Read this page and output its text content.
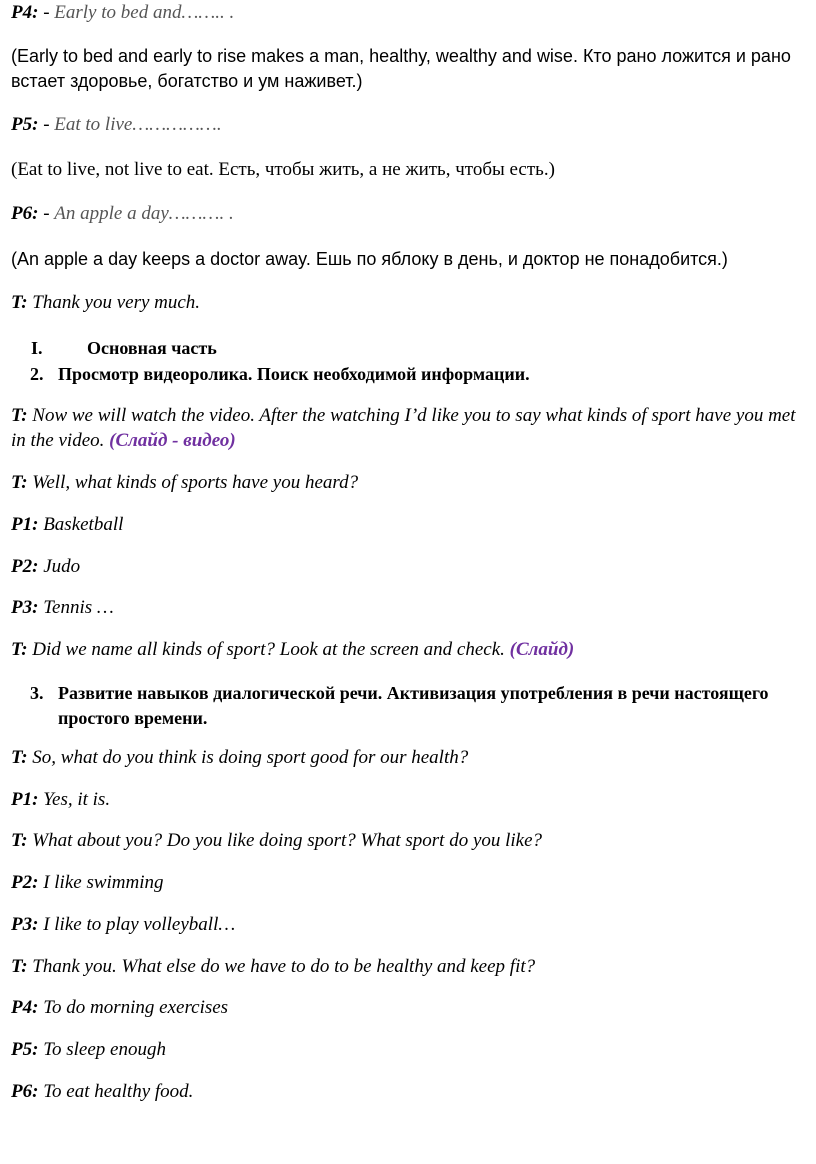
P4: - Early to bed and…….. .
(Early to bed and early to rise makes a man, healthy, wealthy and wise. Кто рано ложится и рано
встает здоровье, богатство и ум наживет.)
P5: - Eat to live…………….
(Eat to live, not live to eat. Есть, чтобы жить, а не жить, чтобы есть.)
P6: - An apple a day………. .
(An apple a day keeps a doctor away. Ешь по яблоку в день, и доктор не понадобится.)
T: Thank you very much.
I. Основная часть
2. Просмотр видеоролика. Поиск необходимой информации.
T: Now we will watch the video. After the watching I’d like you to say what kinds of sport have you met
in the video. (Слайд - видео)
T: Well, what kinds of sports have you heard?
P1: Basketball
P2: Judo
P3: Tennis …
T: Did we name all kinds of sport? Look at the screen and check. (Слайд)
3. Развитие навыков диалогической речи. Активизация употребления в речи настоящего
простого времени.
T: So, what do you think is doing sport good for our health?
P1: Yes, it is.
T: What about you? Do you like doing sport? What sport do you like?
P2: I like swimming
P3: I like to play volleyball…
T: Thank you. What else do we have to do to be healthy and keep fit?
P4: To do morning exercises
P5: To sleep enough
P6: To eat healthy food.
